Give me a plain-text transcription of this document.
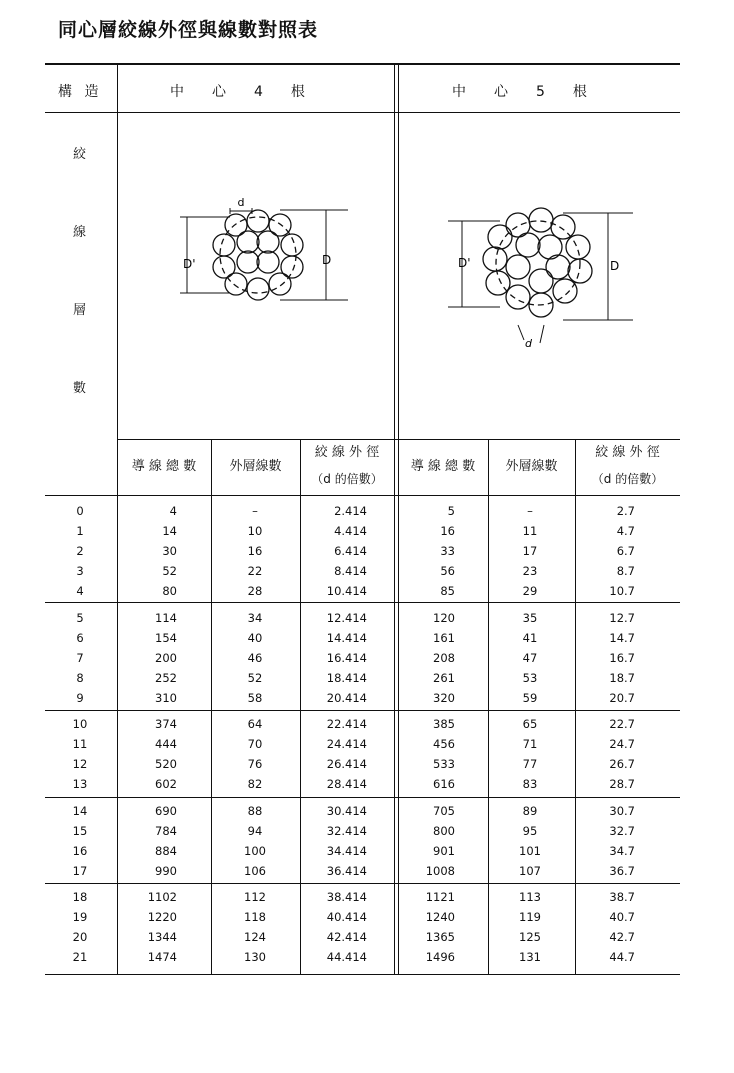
同心層絞線外徑與線數對照表
構 造	中　　心　　4　　根	中　　心　　5　　根
絞
線
層
數
d
D'	D	D'	D
d
導 線 總 數	外層線數
絞 線 外 徑
（d 的倍數）
導 線 總 數	外層線數
絞 線 外 徑
（d 的倍數）
0	4	–	2.414	5	–	2.7
1	14	10	4.414	16	11	4.7
2	30	16	6.414	33	17	6.7
3	52	22	8.414	56	23	8.7
4	80	28	10.414	85	29	10.7
5	114	34	12.414	120	35	12.7
6	154	40	14.414	161	41	14.7
7	200	46	16.414	208	47	16.7
8	252	52	18.414	261	53	18.7
9	310	58	20.414	320	59	20.7
10	374	64	22.414	385	65	22.7
11	444	70	24.414	456	71	24.7
12	520	76	26.414	533	77	26.7
13	602	82	28.414	616	83	28.7
14	690	88	30.414	705	89	30.7
15	784	94	32.414	800	95	32.7
16	884	100	34.414	901	101	34.7
17	990	106	36.414	1008	107	36.7
18	1102	112	38.414	1121	113	38.7
19	1220	118	40.414	1240	119	40.7
20	1344	124	42.414	1365	125	42.7
21	1474	130	44.414	1496	131	44.7
